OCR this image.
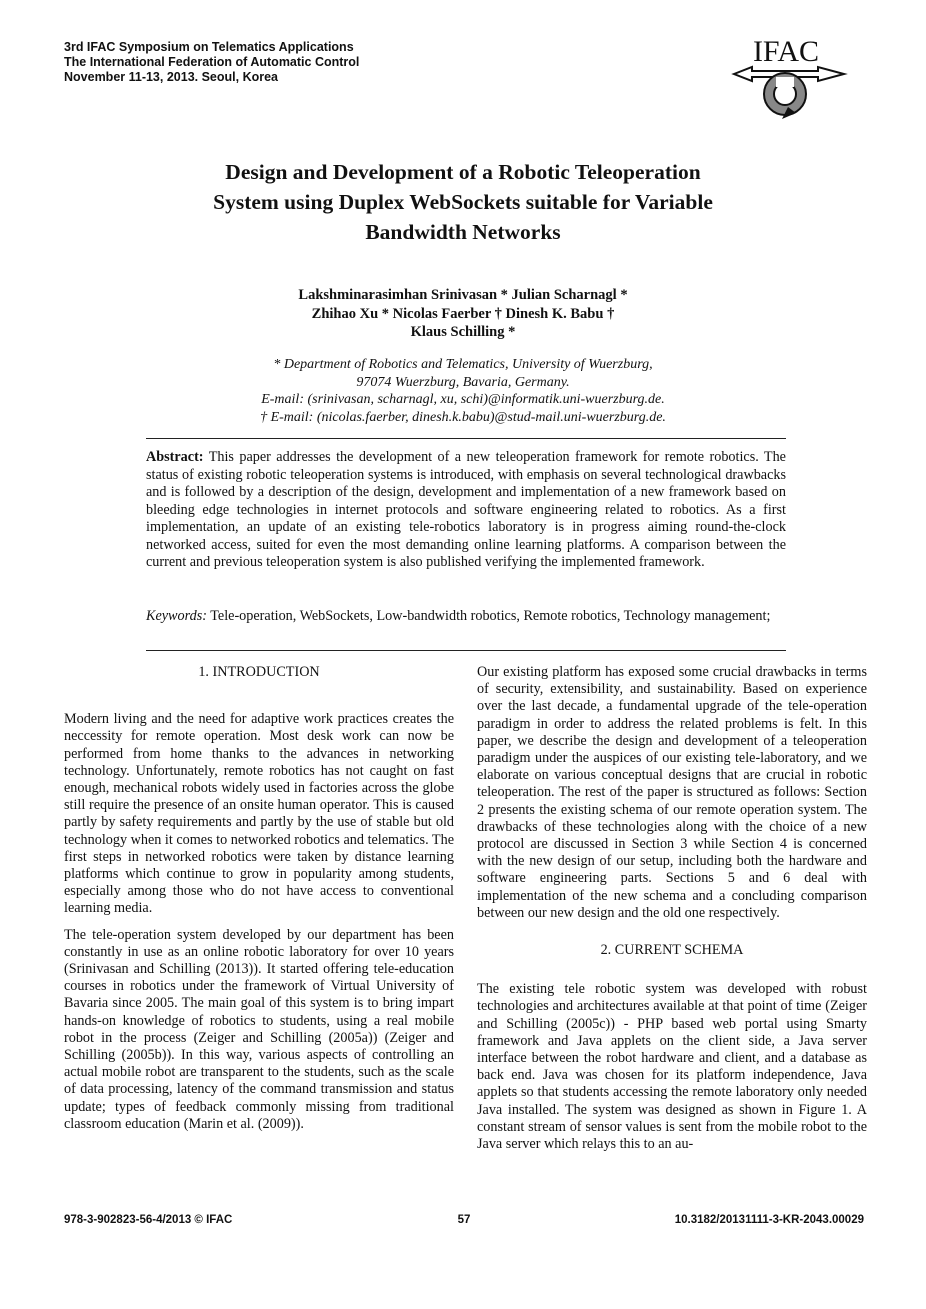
3rd IFAC Symposium on Telematics Applications
The International Federation of Automatic Control
November 11-13, 2013. Seoul, Korea
IFAC
Design and Development of a Robotic Teleoperation System using Duplex WebSockets suitable for Variable Bandwidth Networks
Lakshminarasimhan Srinivasan * Julian Scharnagl *
Zhihao Xu * Nicolas Faerber † Dinesh K. Babu †
Klaus Schilling *
* Department of Robotics and Telematics, University of Wuerzburg,
97074 Wuerzburg, Bavaria, Germany.
E-mail: (srinivasan, scharnagl, xu, schi)@informatik.uni-wuerzburg.de.
† E-mail: (nicolas.faerber, dinesh.k.babu)@stud-mail.uni-wuerzburg.de.
Abstract: This paper addresses the development of a new teleoperation framework for remote robotics. The status of existing robotic teleoperation systems is introduced, with emphasis on several technological drawbacks and is followed by a description of the design, development and implementation of a new framework based on bleeding edge technologies in internet protocols and software engineering related to robotics. As a first implementation, an update of an existing tele-robotics laboratory is in progress aiming round-the-clock networked access, suited for even the most demanding online learning platforms. A comparison between the current and previous teleoperation system is also published verifying the implemented framework.
Keywords: Tele-operation, WebSockets, Low-bandwidth robotics, Remote robotics, Technology management;
1. INTRODUCTION

Modern living and the need for adaptive work practices creates the neccessity for remote operation. Most desk work can now be performed from home thanks to the advances in networking technology. Unfortunately, remote robotics has not caught on fast enough, mechanical robots widely used in factories across the globe still require the presence of an onsite human operator. This is caused partly by safety requirements and partly by the use of stable but old technology when it comes to networked robotics and telematics. The first steps in networked robotics were taken by distance learning platforms which continue to grow in popularity among students, especially among those who do not have access to conventional learning media.

The tele-operation system developed by our department has been constantly in use as an online robotic laboratory for over 10 years (Srinivasan and Schilling (2013)). It started offering tele-education courses in robotics under the framework of Virtual University of Bavaria since 2005. The main goal of this system is to bring impart hands-on knowledge of robotics to students, using a real mobile robot in the process (Zeiger and Schilling (2005a)) (Zeiger and Schilling (2005b)). In this way, various aspects of controlling an actual mobile robot are transparent to the students, such as the scale of data processing, latency of the command transmission and status update; types of feedback commonly missing from traditional classroom education (Marin et al. (2009)).

Our existing platform has exposed some crucial drawbacks in terms of security, extensibility, and sustainability. Based on experience over the last decade, a fundamental upgrade of the tele-operation paradigm in order to address the related problems is felt. In this paper, we describe the design and development of a teleoperation paradigm under the auspices of our existing tele-laboratory, and we elaborate on various conceptual designs that are crucial in robotic teleoperation. The rest of the paper is structured as follows: Section 2 presents the existing schema of our remote operation system. The drawbacks of these technologies along with the choice of a new protocol are discussed in Section 3 while Section 4 is concerned with the new design of our setup, including both the hardware and software engineering parts. Sections 5 and 6 deal with implementation of the new schema and a concluding comparison between our new design and the old one respectively.

2. CURRENT SCHEMA

The existing tele robotic system was developed with robust technologies and architectures available at that point of time (Zeiger and Schilling (2005c)) - PHP based web portal using Smarty framework and Java applets on the client side, a Java server interface between the robot hardware and client, and a database as back end. Java was chosen for its platform independence, Java applets so that students accessing the remote laboratory only needed Java installed. The system was designed as shown in Figure 1. A constant stream of sensor values is sent from the mobile robot to the Java server which relays this to an au-

978-3-902823-56-4/2013 © IFAC	57	10.3182/20131111-3-KR-2043.00029
